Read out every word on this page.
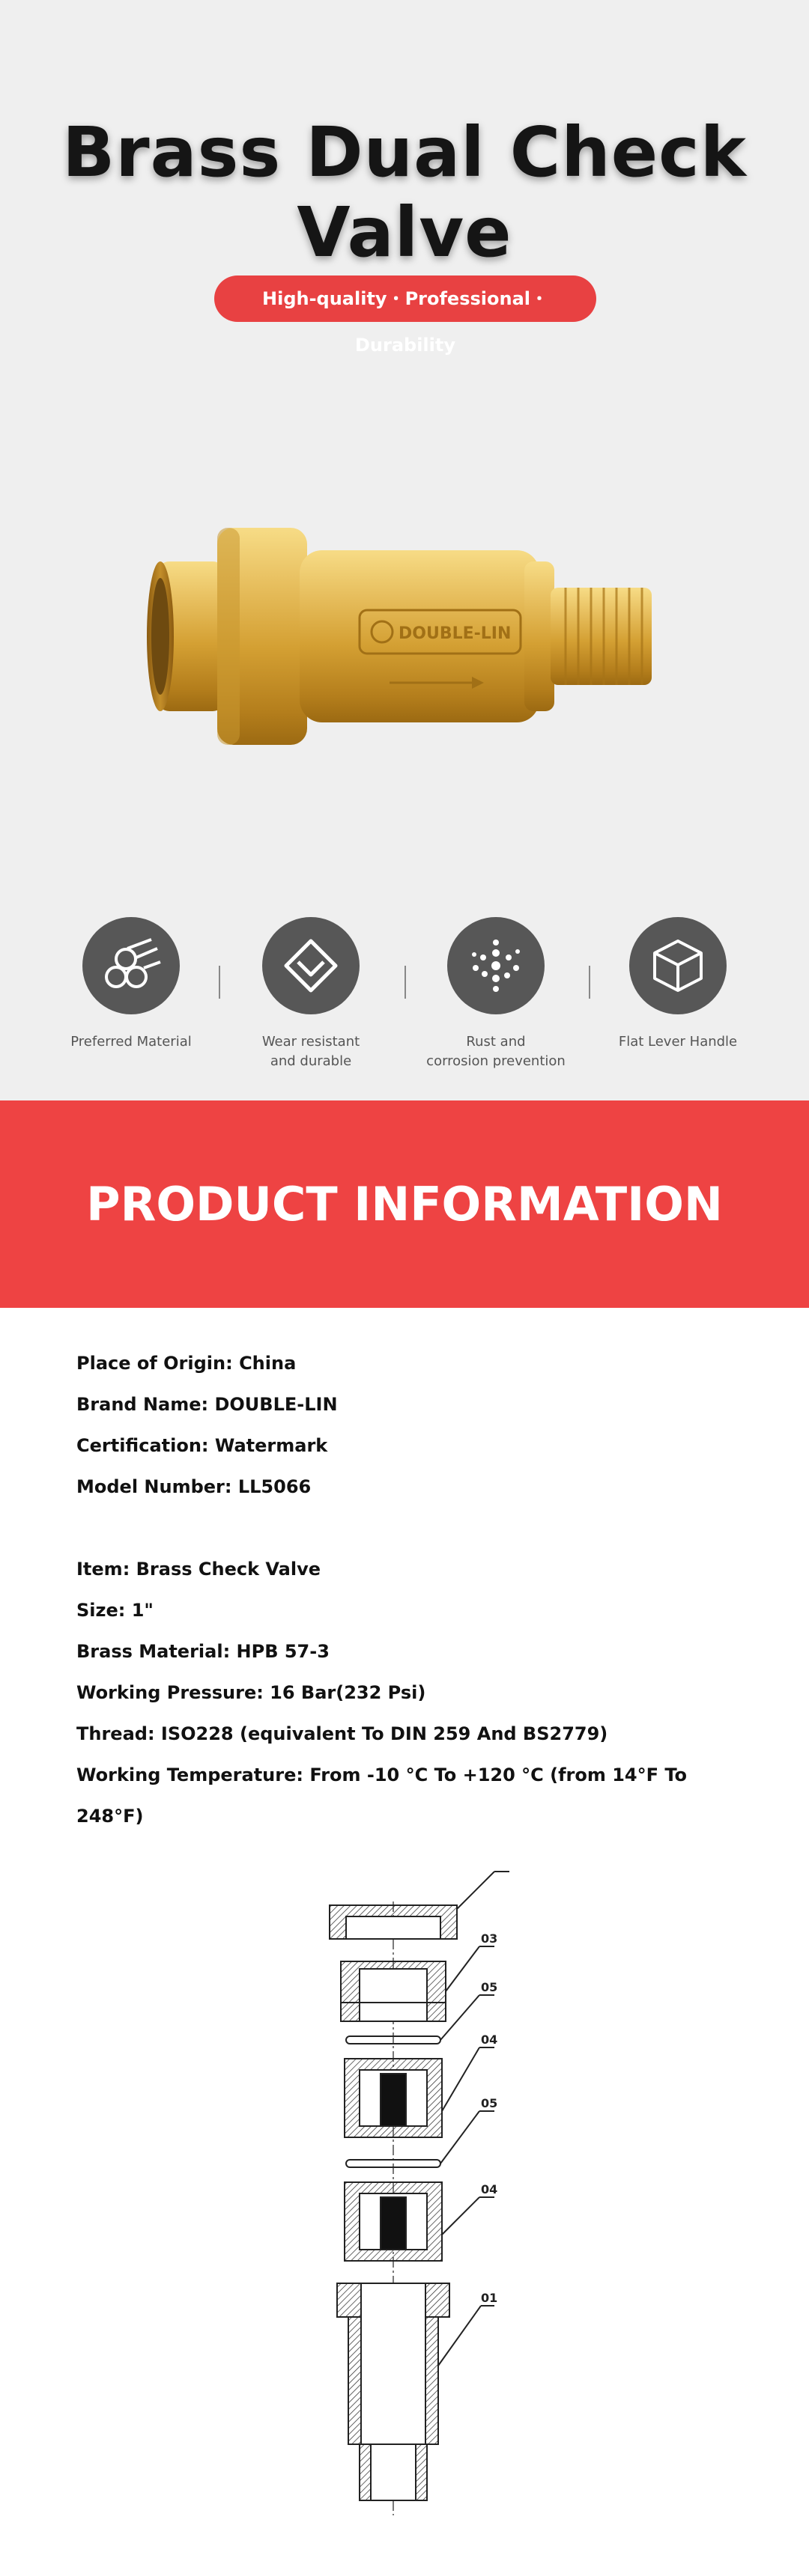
Brass Dual Check Valve
High-quality・Professional・Durability
DOUBLE-LIN
Preferred Material	Wear resistant
and durable
Rust and
corrosion prevention
Flat Lever Handle
PRODUCT INFORMATION
Place of Origin: China
Brand Name: DOUBLE-LIN
Certification: Watermark
Model Number: LL5066
Item: Brass Check Valve
Size: 1"
Brass Material: HPB 57-3
Working Pressure: 16 Bar(232 Psi)
Thread: ISO228 (equivalent To DIN 259 And BS2779)
Working Temperature: From -10 °C To +120 °C (from 14°F To 248°F)
03
05
04
05
04
01
